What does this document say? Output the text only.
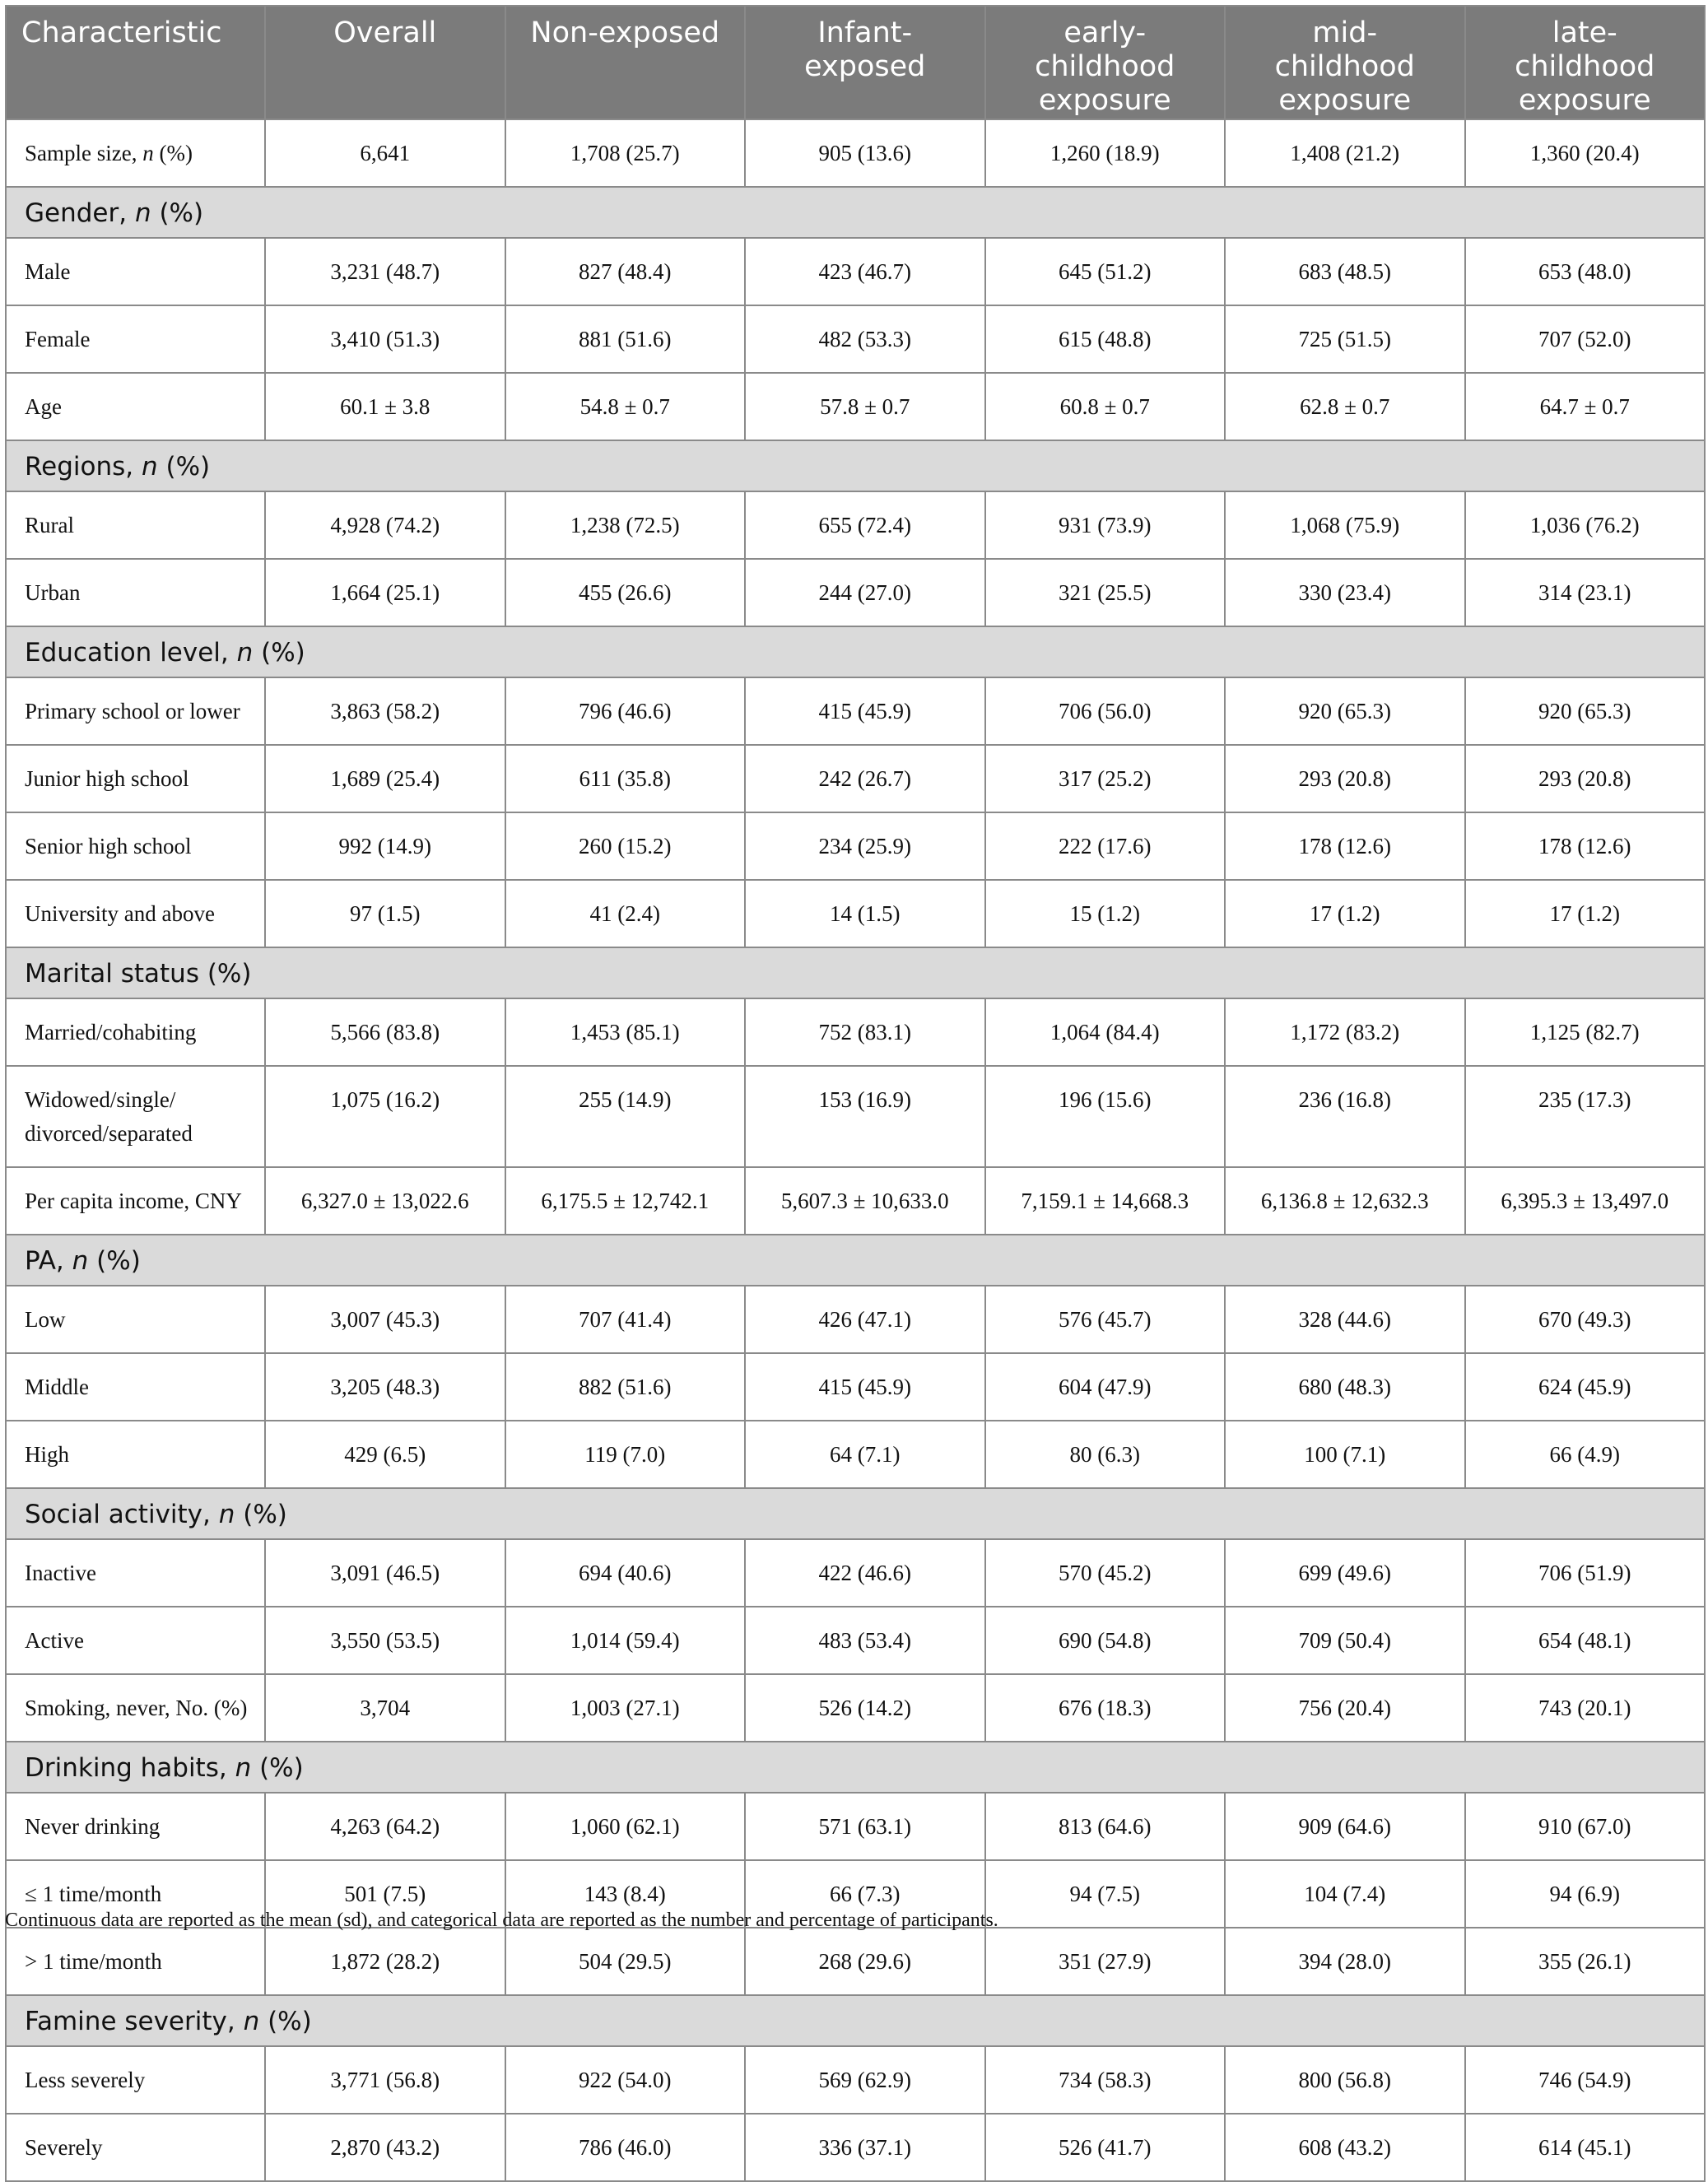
Characteristic	Overall	Non-exposed	Infant-exposed	early-childhood exposure	mid-childhood exposure	late-childhood exposure
Sample size, n (%)	6,641	1,708 (25.7)	905 (13.6)	1,260 (18.9)	1,408 (21.2)	1,360 (20.4)
Gender, n (%)						
Male	3,231 (48.7)	827 (48.4)	423 (46.7)	645 (51.2)	683 (48.5)	653 (48.0)
Female	3,410 (51.3)	881 (51.6)	482 (53.3)	615 (48.8)	725 (51.5)	707 (52.0)
Age	60.1 ± 3.8	54.8 ± 0.7	57.8 ± 0.7	60.8 ± 0.7	62.8 ± 0.7	64.7 ± 0.7
Regions, n (%)						
Rural	4,928 (74.2)	1,238 (72.5)	655 (72.4)	931 (73.9)	1,068 (75.9)	1,036 (76.2)
Urban	1,664 (25.1)	455 (26.6)	244 (27.0)	321 (25.5)	330 (23.4)	314 (23.1)
Education level, n (%)						
Primary school or lower	3,863 (58.2)	796 (46.6)	415 (45.9)	706 (56.0)	920 (65.3)	920 (65.3)
Junior high school	1,689 (25.4)	611 (35.8)	242 (26.7)	317 (25.2)	293 (20.8)	293 (20.8)
Senior high school	992 (14.9)	260 (15.2)	234 (25.9)	222 (17.6)	178 (12.6)	178 (12.6)
University and above	97 (1.5)	41 (2.4)	14 (1.5)	15 (1.2)	17 (1.2)	17 (1.2)
Marital status (%)						
Married/cohabiting	5,566 (83.8)	1,453 (85.1)	752 (83.1)	1,064 (84.4)	1,172 (83.2)	1,125 (82.7)
Widowed/single/ divorced/separated	1,075 (16.2)	255 (14.9)	153 (16.9)	196 (15.6)	236 (16.8)	235 (17.3)
Per capita income, CNY	6,327.0 ± 13,022.6	6,175.5 ± 12,742.1	5,607.3 ± 10,633.0	7,159.1 ± 14,668.3	6,136.8 ± 12,632.3	6,395.3 ± 13,497.0
PA, n (%)						
Low	3,007 (45.3)	707 (41.4)	426 (47.1)	576 (45.7)	328 (44.6)	670 (49.3)
Middle	3,205 (48.3)	882 (51.6)	415 (45.9)	604 (47.9)	680 (48.3)	624 (45.9)
High	429 (6.5)	119 (7.0)	64 (7.1)	80 (6.3)	100 (7.1)	66 (4.9)
Social activity, n (%)						
Inactive	3,091 (46.5)	694 (40.6)	422 (46.6)	570 (45.2)	699 (49.6)	706 (51.9)
Active	3,550 (53.5)	1,014 (59.4)	483 (53.4)	690 (54.8)	709 (50.4)	654 (48.1)
Smoking, never, No. (%)	3,704	1,003 (27.1)	526 (14.2)	676 (18.3)	756 (20.4)	743 (20.1)
Drinking habits, n (%)						
Never drinking	4,263 (64.2)	1,060 (62.1)	571 (63.1)	813 (64.6)	909 (64.6)	910 (67.0)
≤ 1 time/month	501 (7.5)	143 (8.4)	66 (7.3)	94 (7.5)	104 (7.4)	94 (6.9)
> 1 time/month	1,872 (28.2)	504 (29.5)	268 (29.6)	351 (27.9)	394 (28.0)	355 (26.1)
Famine severity, n (%)						
Less severely	3,771 (56.8)	922 (54.0)	569 (62.9)	734 (58.3)	800 (56.8)	746 (54.9)
Severely	2,870 (43.2)	786 (46.0)	336 (37.1)	526 (41.7)	608 (43.2)	614 (45.1)
Continuous data are reported as the mean (sd), and categorical data are reported as the number and percentage of participants.
